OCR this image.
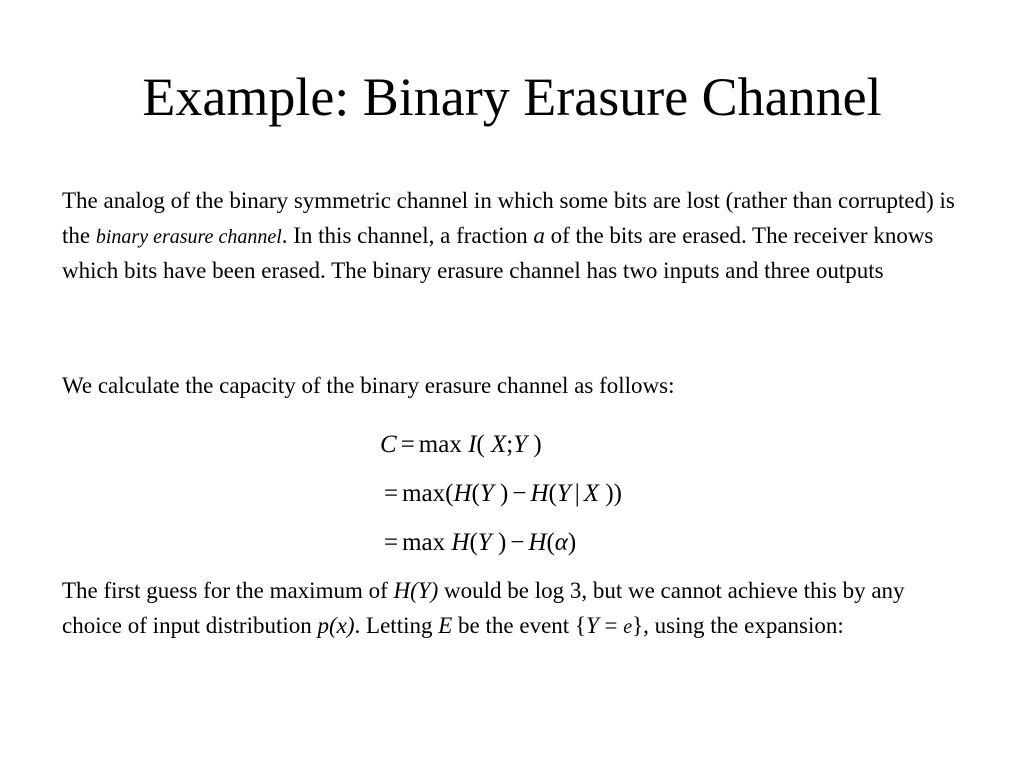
Example: Binary Erasure Channel

The analog of the binary symmetric channel in which some bits are lost (rather than corrupted) is the binary erasure channel. In this channel, a fraction a of the bits are erased. The receiver knows which bits have been erased. The binary erasure channel has two inputs and three outputs

We calculate the capacity of the binary erasure channel as follows:

C = max I( X;Y )
= max(H(Y ) − H(Y | X ))
= max H(Y ) − H(α)

The first guess for the maximum of H(Y) would be log 3, but we cannot achieve this by any choice of input distribution p(x). Letting E be the event {Y = e}, using the expansion:
